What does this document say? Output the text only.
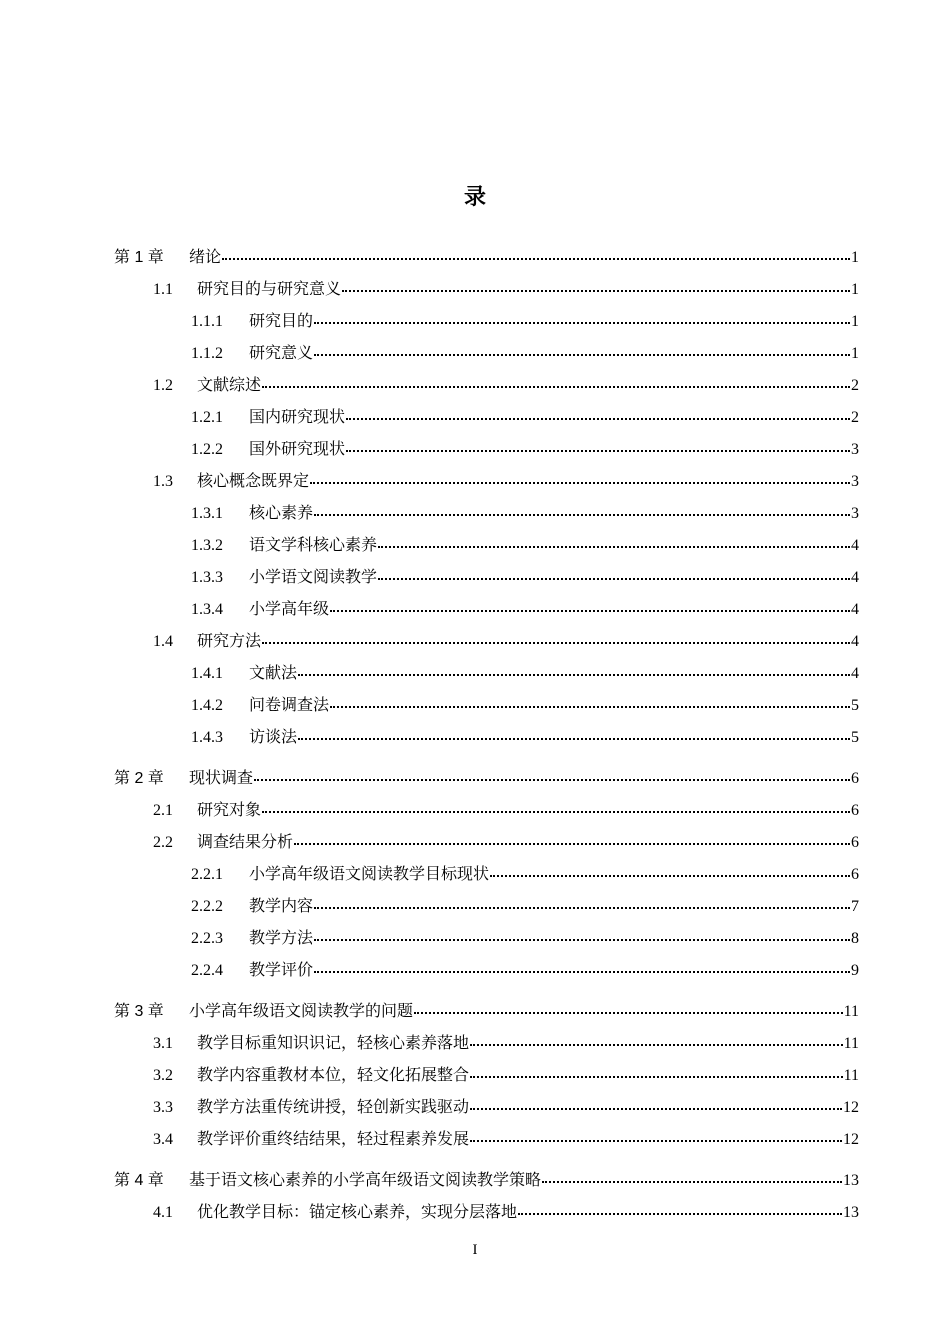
录
第 1 章	绪论	1
1.1	研究目的与研究意义	1
1.1.1	研究目的	1
1.1.2	研究意义	1
1.2	文献综述	2
1.2.1	国内研究现状	2
1.2.2	国外研究现状	3
1.3	核心概念既界定	3
1.3.1	核心素养	3
1.3.2	语文学科核心素养	4
1.3.3	小学语文阅读教学	4
1.3.4	小学高年级	4
1.4	研究方法	4
1.4.1	文献法	4
1.4.2	问卷调查法	5
1.4.3	访谈法	5
第 2 章	现状调查	6
2.1	研究对象	6
2.2	调查结果分析	6
2.2.1	小学高年级语文阅读教学目标现状	6
2.2.2	教学内容	7
2.2.3	教学方法	8
2.2.4	教学评价	9
第 3 章	小学高年级语文阅读教学的问题	11
3.1	教学目标重知识识记，轻核心素养落地	11
3.2	教学内容重教材本位，轻文化拓展整合	11
3.3	教学方法重传统讲授，轻创新实践驱动	12
3.4	教学评价重终结结果，轻过程素养发展	12
第 4 章	基于语文核心素养的小学高年级语文阅读教学策略	13
4.1	优化教学目标：锚定核心素养，实现分层落地	13
I
